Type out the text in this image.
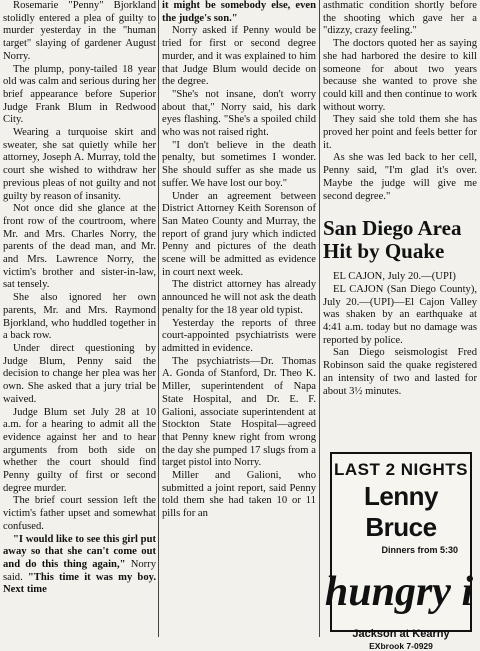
Rosemarie "Penny" Bjorkland stolidly entered a plea of guilty to murder yesterday in the "human target" slaying of gardener August Norry.

The plump, pony-tailed 18 year old was calm and serious during her brief appearance before Superior Judge Frank Blum in Redwood City.

Wearing a turquoise skirt and sweater, she sat quietly while her attorney, Joseph A. Murray, told the court she wished to withdraw her previous pleas of not guilty and not guilty by reason of insanity.

Not once did she glance at the front row of the courtroom, where Mr. and Mrs. Charles Norry, the parents of the dead man, and Mr. and Mrs. Lawrence Norry, the victim's brother and sister-in-law, sat tensely.

She also ignored her own parents, Mr. and Mrs. Raymond Bjorkland, who huddled together in a back row.

Under direct questioning by Judge Blum, Penny said the decision to change her plea was her own. She asked that a jury trial be waived.

Judge Blum set July 28 at 10 a.m. for a hearing to admit all the evidence against her and to hear arguments from both side on whether the court should find Penny guilty of first or second degree murder.

The brief court session left the victim's father upset and somewhat confused.

"I would like to see this girl put away so that she can't come out and do this thing again," Norry said. "This time it was my boy. Next time

it might be somebody else, even the judge's son."

Norry asked if Penny would be tried for first or second degree murder, and it was explained to him that Judge Blum would decide on the degree.

"She's not insane, don't worry about that," Norry said, his dark eyes flashing. "She's a spoiled child who was not raised right.

"I don't believe in the death penalty, but sometimes I wonder. She should suffer as she made us suffer. We have lost our boy."

Under an agreement between District Attorney Keith Sorenson of San Mateo County and Murray, the report of grand jury which indicted Penny and pictures of the death scene will be admitted as evidence in court next week.

The district attorney has already announced he will not ask the death penalty for the 18 year old typist.

Yesterday the reports of three court-appointed psychiatrists were admitted in evidence.

The psychiatrists—Dr. Thomas A. Gonda of Stanford, Dr. Theo K. Miller, superintendent of Napa State Hospital, and Dr. E. F. Galioni, associate superintendent at Stockton State Hospital—agreed that Penny knew right from wrong the day she pumped 17 slugs from a target pistol into Norry.

Miller and Galioni, who submitted a joint report, said Penny told them she had taken 10 or 11 pills for an

asthmatic condition shortly before the shooting which gave her a "dizzy, crazy feeling."

The doctors quoted her as saying she had harbored the desire to kill someone for about two years because she wanted to prove she could kill and then continue to work without worry.

They said she told them she has proved her point and feels better for it.

As she was led back to her cell, Penny said, "I'm glad it's over. Maybe the judge will give me second degree."

San Diego Area Hit by Quake

EL CAJON, July 20.—(UPI)

EL CAJON (San Diego County), July 20.—(UPI)—El Cajon Valley was shaken by an earthquake at 4:41 a.m. today but no damage was reported by police.

San Diego seismologist Fred Robinson said the quake registered an intensity of two and lasted for about 3½ minutes.

LAST 2 NIGHTS
Lenny Bruce
Dinners from 5:30
hungry i
Jackson at Kearny
EXbrook 7-0929
